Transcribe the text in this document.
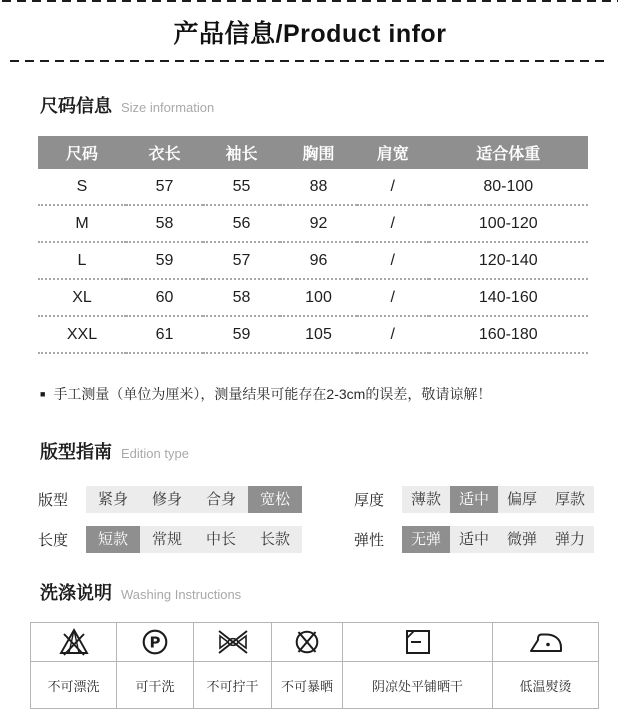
产品信息/Product infor
尺码信息 Size information
尺码	衣长	袖长	胸围	肩宽	适合体重
S	57	55	88	/	80-100
M	58	56	92	/	100-120
L	59	57	96	/	120-140
XL	60	58	100	/	140-160
XXL	61	59	105	/	160-180
■ 手工测量（单位为厘米），测量结果可能存在2-3cm的误差，敬请谅解！
版型指南 Edition type
版型	紧身	修身	合身	宽松	厚度	薄款	适中	偏厚	厚款
长度	短款	常规	中长	长款	弹性	无弹	适中	微弹	弹力
洗涤说明 Washing Instructions

P

不可漂洗	可干洗	不可拧干	不可暴晒	阴凉处平铺晒干	低温熨烫
